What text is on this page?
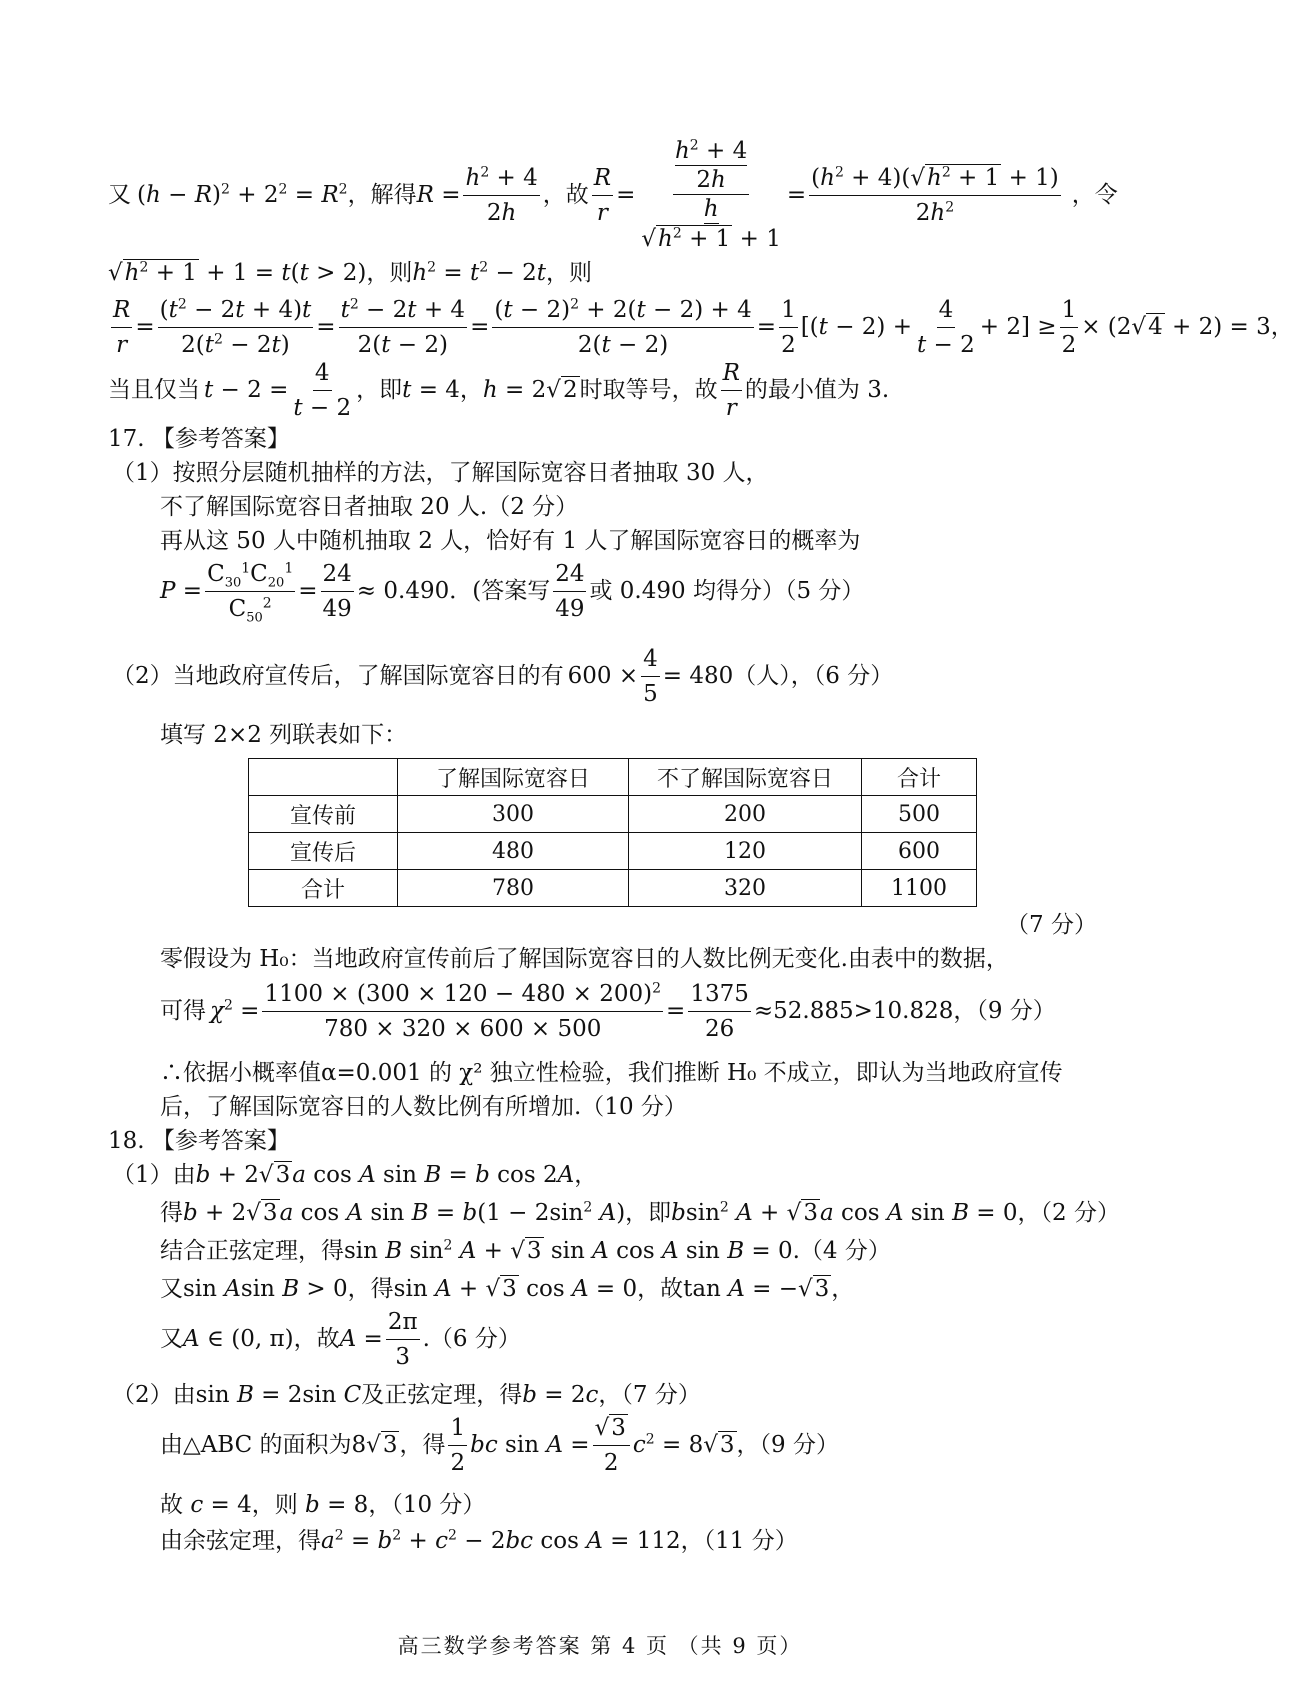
又 $(h - R)^2 + 2^2 = R^2$ ，解得 $R = \frac{h^2 + 4}{2h}$ ，故 $\frac{R}{r} = h^2 + 4$
2h
h
$√h^2 + 1 + 1 = \frac{(h^2 + 4)(√h^2 + 1 + 1)}{2h^2}$ ，令
$√h^2 + 1 + 1 = t(t > 2)$，则$h^2 = t^2 - 2t$，则
$\frac{R}{r} = \frac{(t^2 - 2t + 4)t}{2(t^2 - 2t)} = \frac{t^2 - 2t + 4}{2(t - 2)} = \frac{(t - 2)^2 + 2(t - 2) + 4}{2(t - 2)} = \frac{1}{2} [(t - 2) + \frac{4}{t - 2} + 2] \ge \frac{1}{2} \times (2√4 + 2) = 3$，
当且仅当 $t - 2 = \frac{4}{t - 2}$ ，即 t = 4，h = 2√2 时取等号，故 $\frac{R}{r}$ 的最小值为 3.
17. 【参考答案】
（1）按照分层随机抽样的方法，了解国际宽容日者抽取 30 人，
不了解国际宽容日者抽取 20 人.（2 分）
再从这 50 人中随机抽取 2 人，恰好有 1 人了解国际宽容日的概率为
$P = \frac{C_{30}^1C_{20}^1}{C_{50}^2} = \frac{24}{49} \approx 0.490$．(答案写 $\frac{24}{49}$ 或 0.490 均得分）（5 分）
（2）当地政府宣传后，了解国际宽容日的有 $600 \times \frac{4}{5} = 480$（人），（6 分）
填写 2×2 列联表如下：
	了解国际宽容日	不了解国际宽容日	合计
宣传前	300	200	500
宣传后	480	120	600
合计	780	320	1100
（7 分）
零假设为 H₀：当地政府宣传前后了解国际宽容日的人数比例无变化.由表中的数据，
可得 $\chi^2 = \frac{1100 \times (300 \times 120 - 480 \times 200)^2}{780 \times 320 \times 600 \times 500} = \frac{1375}{26} \approx 52.885>10.828$，（9 分）
∴依据小概率值α=0.001 的 χ² 独立性检验，我们推断 H₀ 不成立，即认为当地政府宣传
后，了解国际宽容日的人数比例有所增加.（10 分）
18. 【参考答案】
（1）由b + 2√3a cos A sin B = b cos 2A，
得b + 2√3a cos A $\sin B = b(1 - 2\sin^2$ A)，即bsin$^2$ A + √3a cos A sin B = 0，（2 分）
结合正弦定理，得sin B $\sin^2 A + √3$ sin A cos A sin B = 0.（4 分）
又sin Asin B > 0，得sin A + √3 cos A = 0，故tan A = −√3，
又 A ∈ (0, π) ，故 $A = \frac{2\pi}{3} .(6$ 分）
（2）由sin B = 2sin C及正弦定理，得b = 2c，（7 分）
由△ABC 的面积为 8√3 ，得 $\frac{1}{2}$ bc $\sin A = \frac{√3}{2} c^2 = 8√3$ ，（9 分）
故 c = 4，则 b = 8，（10 分）
由余弦定理，得$a^2 = b^2 + c^2 - 2bc$ cos A = 112，（11 分）
高三数学参考答案 第 4 页 （共 9 页）
